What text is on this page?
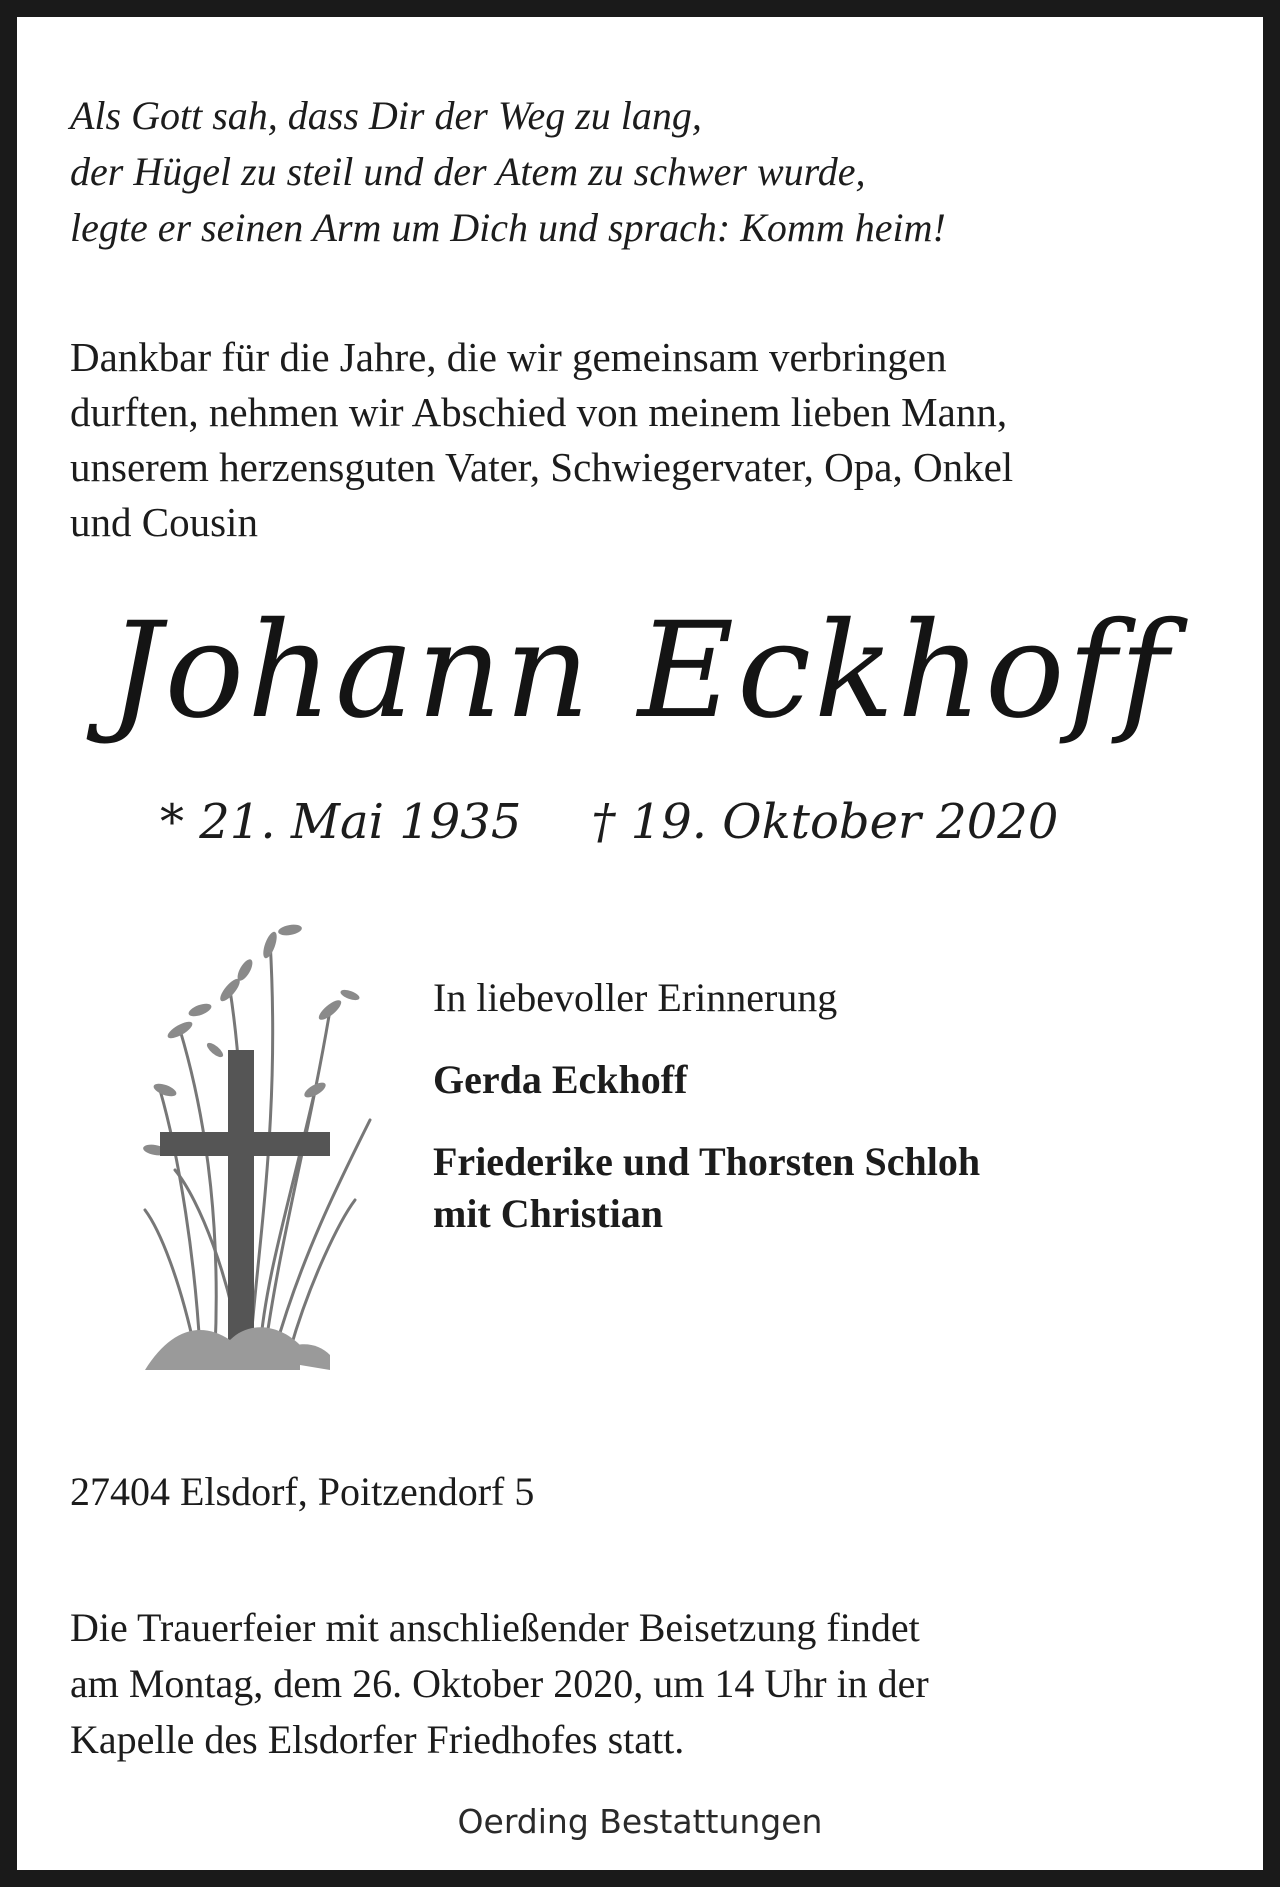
Als Gott sah, dass Dir der Weg zu lang,
der Hügel zu steil und der Atem zu schwer wurde,
legte er seinen Arm um Dich und sprach: Komm heim!
Dankbar für die Jahre, die wir gemeinsam verbringen
durften, nehmen wir Abschied von meinem lieben Mann,
unserem herzensguten Vater, Schwiegervater, Opa, Onkel
und Cousin
Johann Eckhoff
* 21. Mai 1935 † 19. Oktober 2020

In liebevoller Erinnerung

Gerda Eckhoff

Friederike und Thorsten Schloh
mit Christian

27404 Elsdorf, Poitzendorf 5
Die Trauerfeier mit anschließender Beisetzung findet
am Montag, dem 26. Oktober 2020, um 14 Uhr in der
Kapelle des Elsdorfer Friedhofes statt.
Oerding Bestattungen
